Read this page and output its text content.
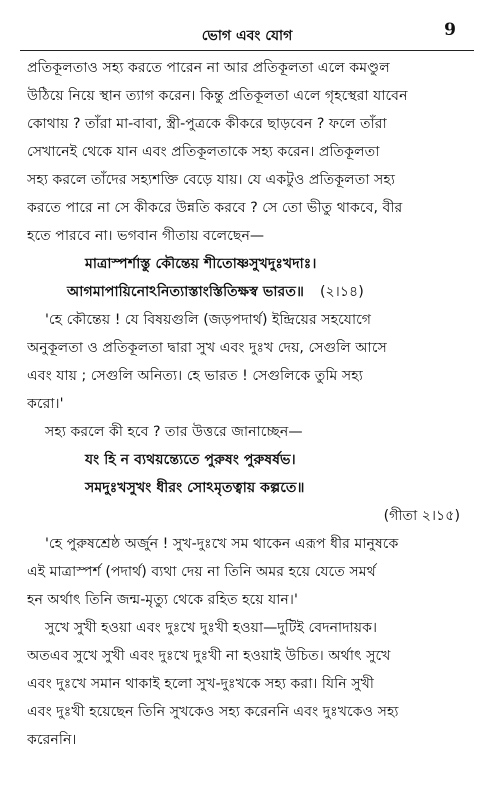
ভোগ এবং যোগ	9
প্রতিকূলতাও সহ্য করতে পারেন না আর প্রতিকূলতা এলে কমণ্ডুল
উঠিয়ে নিয়ে স্থান ত্যাগ করেন। কিন্তু প্রতিকূলতা এলে গৃহস্থেরা যাবেন
কোথায় ? তাঁরা মা-বাবা, স্ত্রী-পুত্রকে কীকরে ছাড়বেন ? ফলে তাঁরা
সেখানেই থেকে যান এবং প্রতিকূলতাকে সহ্য করেন। প্রতিকূলতা
সহ্য করলে তাঁদের সহ্যশক্তি বেড়ে যায়। যে একটুও প্রতিকূলতা সহ্য
করতে পারে না সে কীকরে উন্নতি করবে ? সে তো ভীতু থাকবে, বীর
হতে পারবে না। ভগবান গীতায় বলেছেন—
মাত্রাস্পর্শাস্তু কৌন্তেয় শীতোষ্ণসুখদুঃখদাঃ।
আগমাপায়িনোঽনিত্যাস্তাংস্তিতিক্ষস্ব ভারত॥ (২।১৪)
'হে কৌন্তেয় ! যে বিষয়গুলি (জড়পদার্থ) ইন্দ্রিয়ের সহযোগে
অনুকূলতা ও প্রতিকূলতা দ্বারা সুখ এবং দুঃখ দেয়, সেগুলি আসে
এবং যায় ; সেগুলি অনিত্য। হে ভারত ! সেগুলিকে তুমি সহ্য
করো।'
সহ্য করলে কী হবে ? তার উত্তরে জানাচ্ছেন—
যং হি ন ব্যথয়ন্ত্যেতে পুরুষং পুরুষর্ষভ।
সমদুঃখসুখং ধীরং সোঽমৃতত্বায় কল্পতে॥
(গীতা ২।১৫)
'হে পুরুষশ্রেষ্ঠ অর্জুন ! সুখ-দুঃখে সম থাকেন এরূপ ধীর মানুষকে
এই মাত্রাস্পর্শ (পদার্থ) ব্যথা দেয় না তিনি অমর হয়ে যেতে সমর্থ
হন অর্থাৎ তিনি জন্ম-মৃত্যু থেকে রহিত হয়ে যান।'
সুখে সুখী হওয়া এবং দুঃখে দুঃখী হওয়া—দুটিই বেদনাদায়ক।
অতএব সুখে সুখী এবং দুঃখে দুঃখী না হওয়াই উচিত। অর্থাৎ সুখে
এবং দুঃখে সমান থাকাই হলো সুখ-দুঃখকে সহ্য করা। যিনি সুখী
এবং দুঃখী হয়েছেন তিনি সুখকেও সহ্য করেননি এবং দুঃখকেও সহ্য
করেননি।
